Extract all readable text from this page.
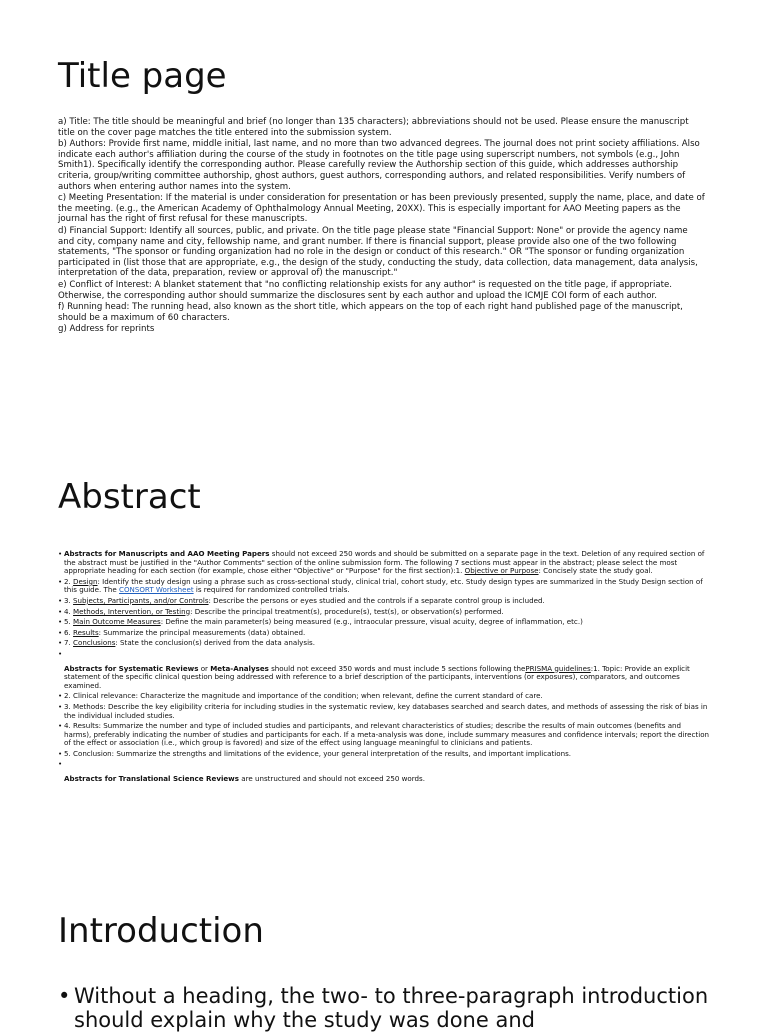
Title page
a) Title: The title should be meaningful and brief (no longer than 135 characters); abbreviations should not be used. Please ensure the manuscript title on the cover page matches the title entered into the submission system.
b) Authors: Provide first name, middle initial, last name, and no more than two advanced degrees. The journal does not print society affiliations. Also indicate each author's affiliation during the course of the study in footnotes on the title page using superscript numbers, not symbols (e.g., John Smith1). Specifically identify the corresponding author. Please carefully review the Authorship section of this guide, which addresses authorship criteria, group/writing committee authorship, ghost authors, guest authors, corresponding authors, and related responsibilities. Verify numbers of authors when entering author names into the system.
c) Meeting Presentation: If the material is under consideration for presentation or has been previously presented, supply the name, place, and date of the meeting. (e.g., the American Academy of Ophthalmology Annual Meeting, 20XX). This is especially important for AAO Meeting papers as the journal has the right of first refusal for these manuscripts.
d) Financial Support: Identify all sources, public, and private. On the title page please state "Financial Support: None" or provide the agency name and city, company name and city, fellowship name, and grant number. If there is financial support, please provide also one of the two following statements, "The sponsor or funding organization had no role in the design or conduct of this research." OR "The sponsor or funding organization participated in (list those that are appropriate, e.g., the design of the study, conducting the study, data collection, data management, data analysis, interpretation of the data, preparation, review or approval of) the manuscript."
e) Conflict of Interest: A blanket statement that "no conflicting relationship exists for any author" is requested on the title page, if appropriate. Otherwise, the corresponding author should summarize the disclosures sent by each author and upload the ICMJE COI form of each author.
f) Running head: The running head, also known as the short title, which appears on the top of each right hand published page of the manuscript, should be a maximum of 60 characters.
g) Address for reprints
Abstract
• Abstracts for Manuscripts and AAO Meeting Papers should not exceed 250 words and should be submitted on a separate page in the text. Deletion of any required section of the abstract must be justified in the "Author Comments" section of the online submission form. The following 7 sections must appear in the abstract; please select the most appropriate heading for each section (for example, chose either "Objective" or "Purpose" for the first section):1. Objective or Purpose: Concisely state the study goal.
• 2. Design: Identify the study design using a phrase such as cross-sectional study, clinical trial, cohort study, etc. Study design types are summarized in the Study Design section of this guide. The CONSORT Worksheet is required for randomized controlled trials.
• 3. Subjects, Participants, and/or Controls: Describe the persons or eyes studied and the controls if a separate control group is included.
• 4. Methods, Intervention, or Testing: Describe the principal treatment(s), procedure(s), test(s), or observation(s) performed.
• 5. Main Outcome Measures: Define the main parameter(s) being measured (e.g., intraocular pressure, visual acuity, degree of inflammation, etc.)
• 6. Results: Summarize the principal measurements (data) obtained.
• 7. Conclusions: State the conclusion(s) derived from the data analysis.
•
Abstracts for Systematic Reviews or Meta-Analyses should not exceed 350 words and must include 5 sections following thePRISMA guidelines:1. Topic: Provide an explicit statement of the specific clinical question being addressed with reference to a brief description of the participants, interventions (or exposures), comparators, and outcomes examined.
• 2. Clinical relevance: Characterize the magnitude and importance of the condition; when relevant, define the current standard of care.
• 3. Methods: Describe the key eligibility criteria for including studies in the systematic review, key databases searched and search dates, and methods of assessing the risk of bias in the individual included studies.
• 4. Results: Summarize the number and type of included studies and participants, and relevant characteristics of studies; describe the results of main outcomes (benefits and harms), preferably indicating the number of studies and participants for each. If a meta-analysis was done, include summary measures and confidence intervals; report the direction of the effect or association (i.e., which group is favored) and size of the effect using language meaningful to clinicians and patients.
• 5. Conclusion: Summarize the strengths and limitations of the evidence, your general interpretation of the results, and important implications.
•
Abstracts for Translational Science Reviews are unstructured and should not exceed 250 words.
Introduction
• Without a heading, the two- to three-paragraph introduction should explain why the study was done and
